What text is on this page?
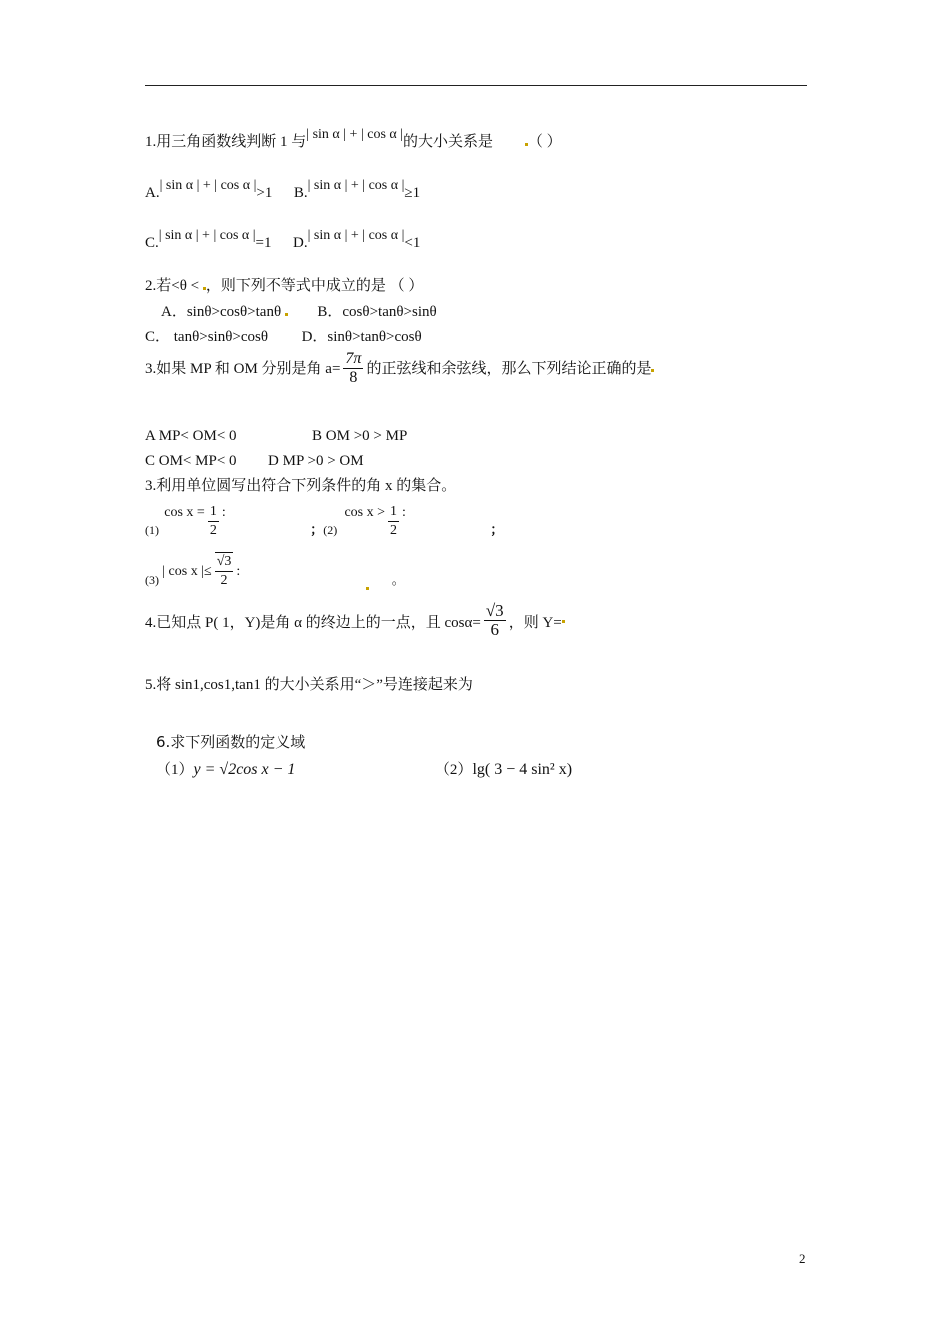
1.用三角函数线判断 1 与| sin α | + | cos α |的大小关系是 （ ）
A.| sin α | + | cos α |>1 B.| sin α | + | cos α |≥1
C.| sin α | + | cos α |=1 D.| sin α | + | cos α |<1
2.若<θ < ，则下列不等式中成立的是 （ ）
A．sinθ>cosθ>tanθ B．cosθ>tanθ>sinθ
C． tanθ>sinθ>cosθ D．sinθ>tanθ>cosθ
3.如果 MP 和 OM 分别是角 $a= \frac{7\pi}{8}$ 的正弦线和余弦线，那么下列结论正确的是
A MP< OM< 0	B OM >0 > MP
C OM< MP< 0 D MP >0 > OM
3.利用单位圆写出符合下列条件的角 x 的集合。
(1) $\cos x = \frac{1}{2}$ :  ；(2) $\cos x > \frac{1}{2}$ :  ；
(3) | cos x |≤ $\frac{√3}{2}$ :  。
4.已知点 P( 1，Y)是角 α 的终边上的一点，且 $\cos\alpha= \frac{√3}{6}$ ，则 Y=
5.将 sin1,cos1,tan1 的大小关系用“＞”号连接起来为
6.求下列函数的定义域
（1）y = √2cos x − 1	（2）lg( 3 − 4 sin² x)
2
